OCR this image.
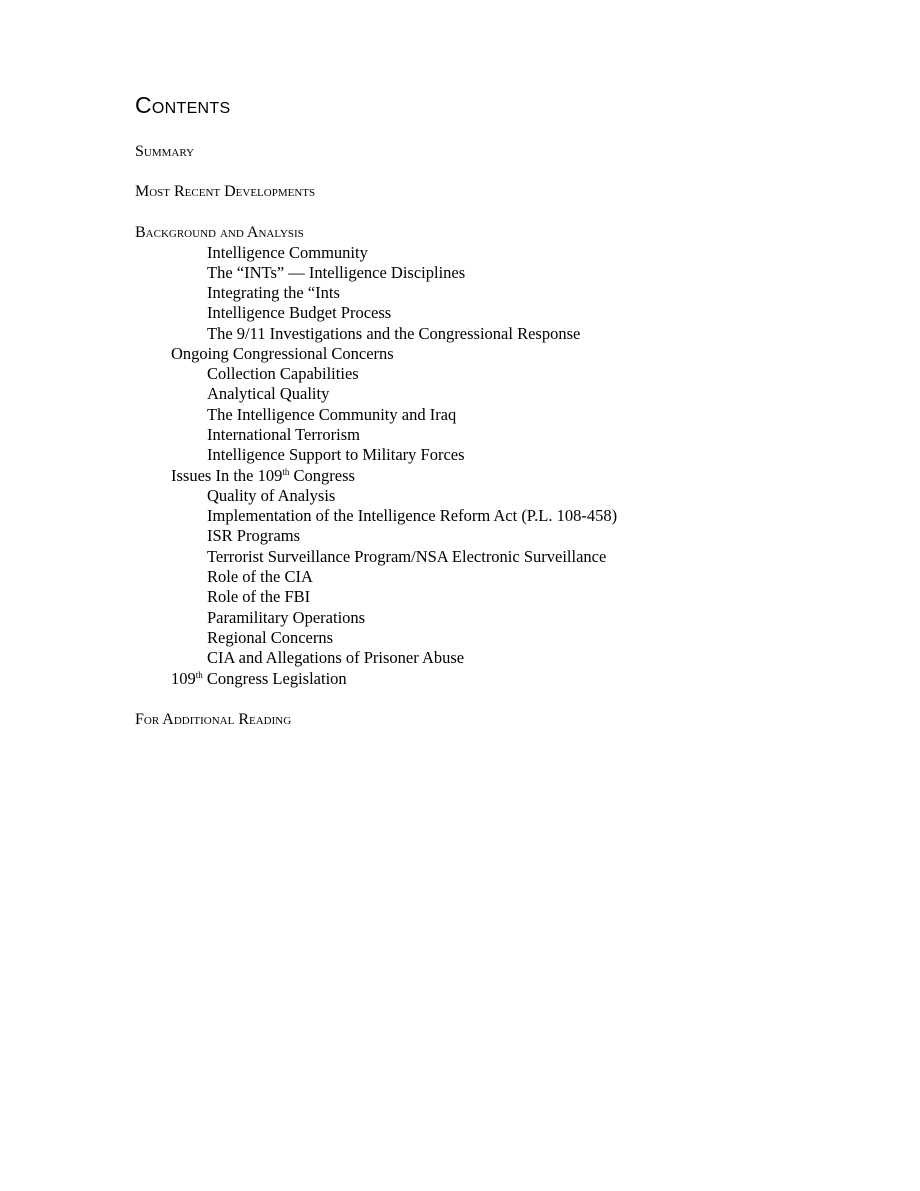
Contents
Summary
Most Recent Developments
Background and Analysis
Intelligence Community
The “INTs” — Intelligence Disciplines
Integrating the “Ints
Intelligence Budget Process
The 9/11 Investigations and the Congressional Response
Ongoing Congressional Concerns
Collection Capabilities
Analytical Quality
The Intelligence Community and Iraq
International Terrorism
Intelligence Support to Military Forces
Issues In the 109th Congress
Quality of Analysis
Implementation of the Intelligence Reform Act (P.L. 108-458)
ISR Programs
Terrorist Surveillance Program/NSA Electronic Surveillance
Role of the CIA
Role of the FBI
Paramilitary Operations
Regional Concerns
CIA and Allegations of Prisoner Abuse
109th Congress Legislation
For Additional Reading
